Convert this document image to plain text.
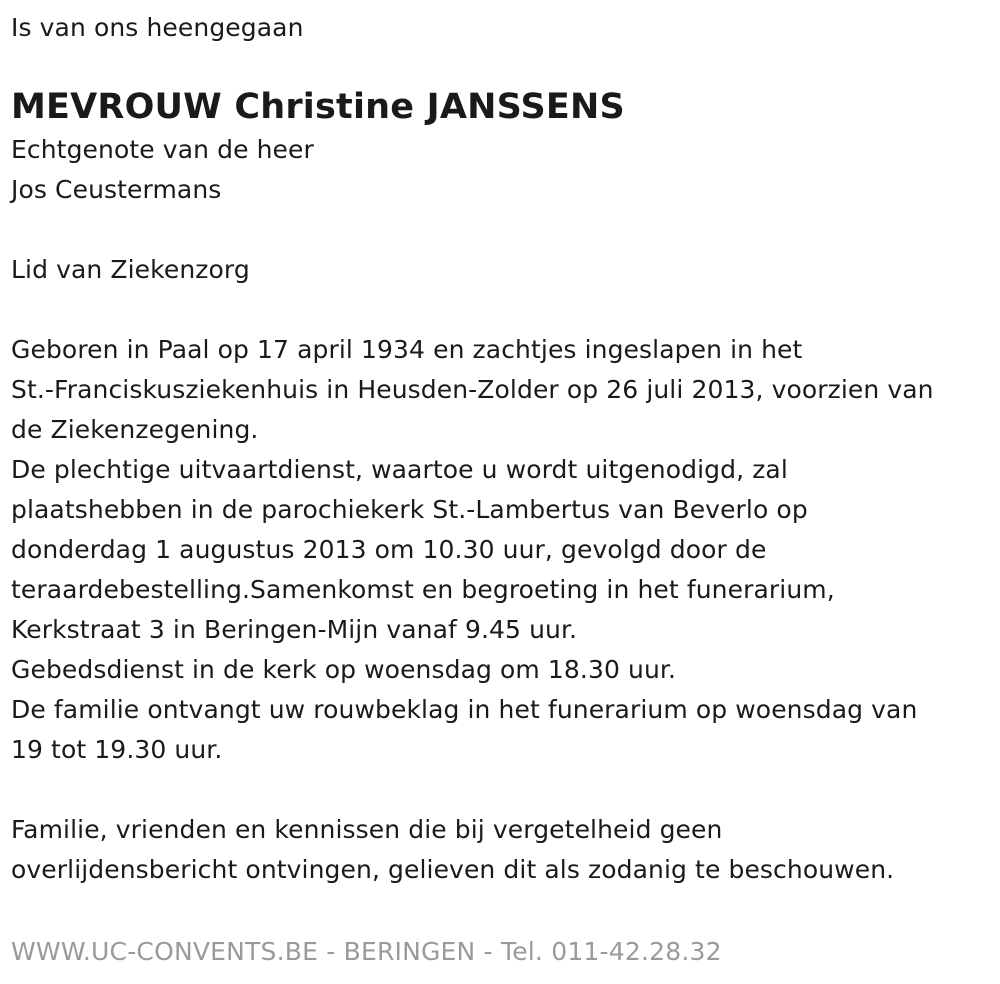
Is van ons heengegaan
MEVROUW Christine JANSSENS
Echtgenote van de heer
Jos Ceustermans
Lid van Ziekenzorg
Geboren in Paal op 17 april 1934 en zachtjes ingeslapen in het
St.-Franciskusziekenhuis in Heusden-Zolder op 26 juli 2013, voorzien van
de Ziekenzegening.
De plechtige uitvaartdienst, waartoe u wordt uitgenodigd, zal
plaatshebben in de parochiekerk St.-Lambertus van Beverlo op
donderdag 1 augustus 2013 om 10.30 uur, gevolgd door de
teraardebestelling.Samenkomst en begroeting in het funerarium,
Kerkstraat 3 in Beringen-Mijn vanaf 9.45 uur.
Gebedsdienst in de kerk op woensdag om 18.30 uur.
De familie ontvangt uw rouwbeklag in het funerarium op woensdag van
19 tot 19.30 uur.
Familie, vrienden en kennissen die bij vergetelheid geen
overlijdensbericht ontvingen, gelieven dit als zodanig te beschouwen.
WWW.UC-CONVENTS.BE - BERINGEN - Tel. 011-42.28.32
